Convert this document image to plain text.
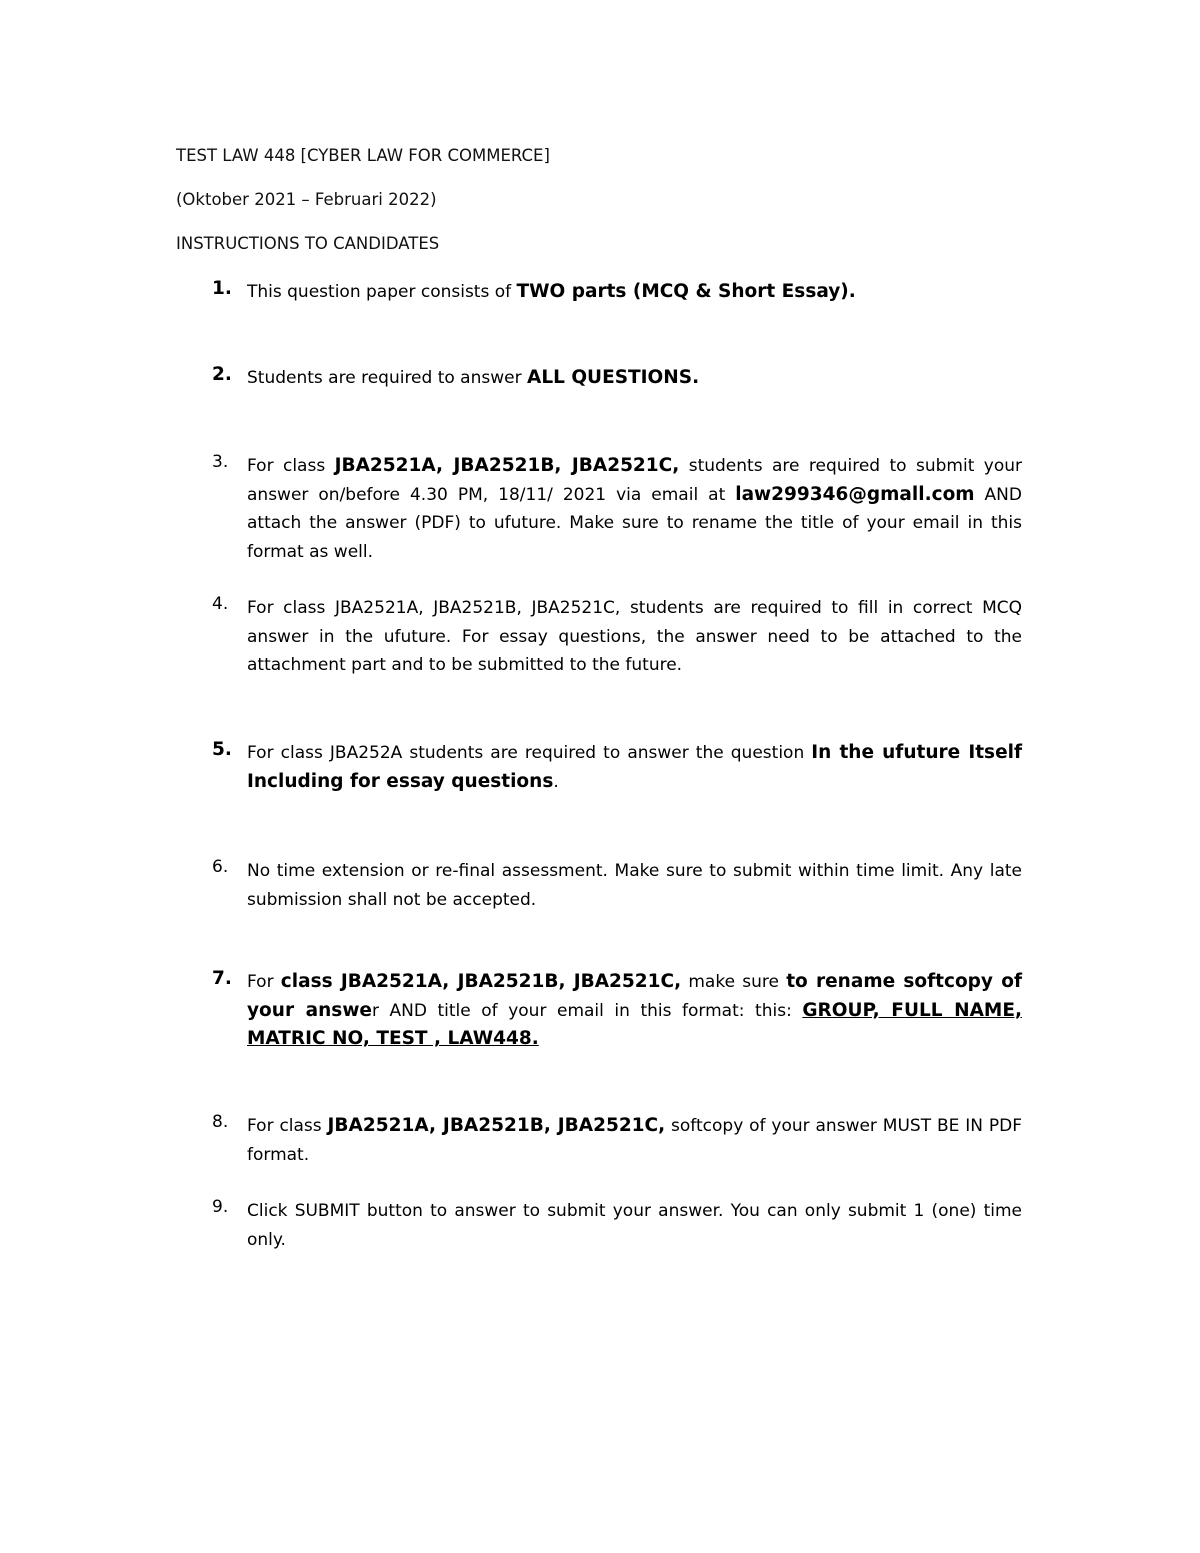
TEST LAW 448 [CYBER LAW FOR COMMERCE]
(Oktober 2021 – Februari 2022)
INSTRUCTIONS TO CANDIDATES
1. This question paper consists of TWO parts (MCQ & Short Essay).
2. Students are required to answer ALL QUESTIONS.
3.	For class JBA2521A, JBA2521B, JBA2521C, students are required to submit your answer on/before 4.30 PM, 18/11/ 2021 via email at law299346@gmall.com AND attach the answer (PDF) to ufuture. Make sure to rename the title of your email in this format as well.
4.	For class JBA2521A, JBA2521B, JBA2521C, students are required to fill in correct MCQ answer in the ufuture. For essay questions, the answer need to be attached to the attachment part and to be submitted to the future.
5. For class JBA252A students are required to answer the question In the ufuture Itself Including for essay questions.
6.	No time extension or re-final assessment. Make sure to submit within time limit. Any late submission shall not be accepted.
7. For class JBA2521A, JBA2521B, JBA2521C, make sure to rename softcopy of your answer AND title of your email in this format: this: GROUP, FULL NAME, MATRIC NO, TEST , LAW448.
8.	For class JBA2521A, JBA2521B, JBA2521C, softcopy of your answer MUST BE IN PDF format.
9.	Click SUBMIT button to answer to submit your answer. You can only submit 1 (one) time only.
